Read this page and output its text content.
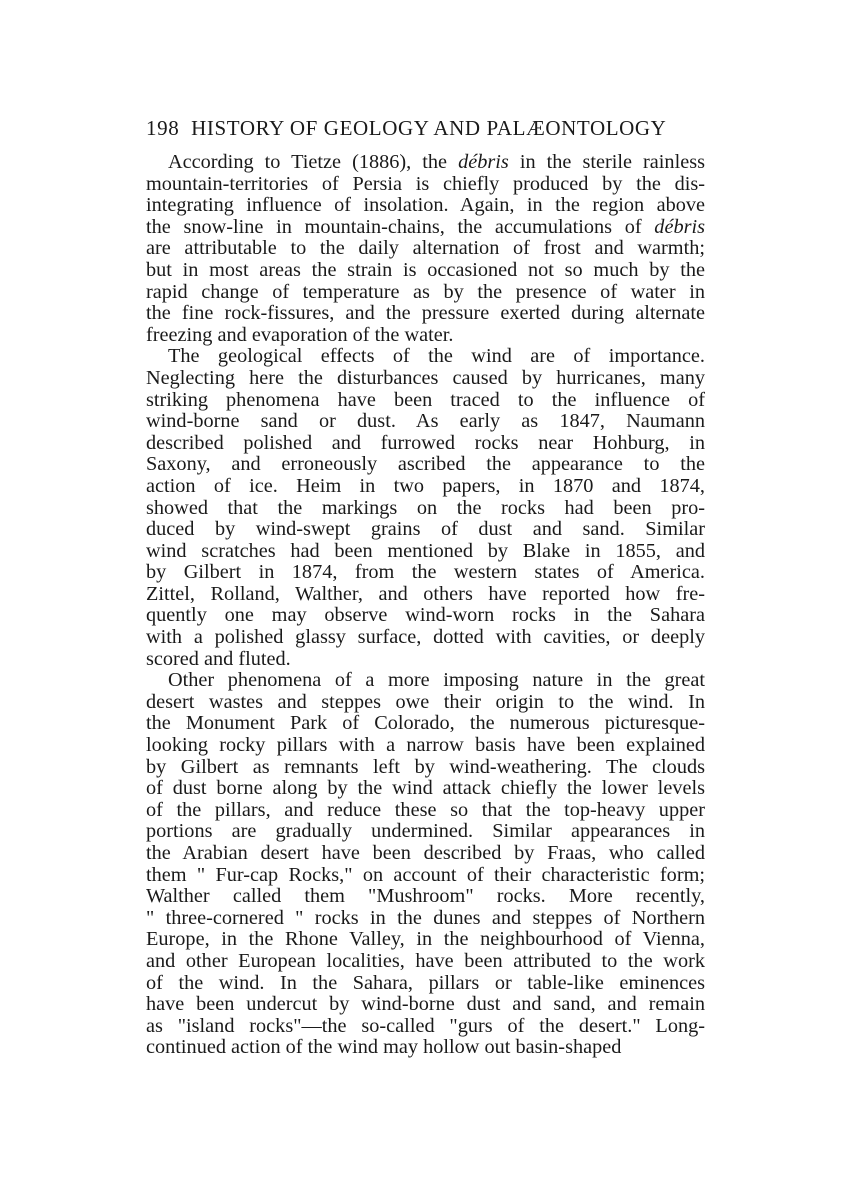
198 HISTORY OF GEOLOGY AND PALÆONTOLOGY
According to Tietze (1886), the débris in the sterile rainless
mountain-territories of Persia is chiefly produced by the dis-
integrating influence of insolation. Again, in the region above
the snow-line in mountain-chains, the accumulations of débris
are attributable to the daily alternation of frost and warmth;
but in most areas the strain is occasioned not so much by the
rapid change of temperature as by the presence of water in
the fine rock-fissures, and the pressure exerted during alternate
freezing and evaporation of the water.
The geological effects of the wind are of importance.
Neglecting here the disturbances caused by hurricanes, many
striking phenomena have been traced to the influence of
wind-borne sand or dust. As early as 1847, Naumann
described polished and furrowed rocks near Hohburg, in
Saxony, and erroneously ascribed the appearance to the
action of ice. Heim in two papers, in 1870 and 1874,
showed that the markings on the rocks had been pro-
duced by wind-swept grains of dust and sand. Similar
wind scratches had been mentioned by Blake in 1855, and
by Gilbert in 1874, from the western states of America.
Zittel, Rolland, Walther, and others have reported how fre-
quently one may observe wind-worn rocks in the Sahara
with a polished glassy surface, dotted with cavities, or deeply
scored and fluted.
Other phenomena of a more imposing nature in the great
desert wastes and steppes owe their origin to the wind. In
the Monument Park of Colorado, the numerous picturesque-
looking rocky pillars with a narrow basis have been explained
by Gilbert as remnants left by wind-weathering. The clouds
of dust borne along by the wind attack chiefly the lower levels
of the pillars, and reduce these so that the top-heavy upper
portions are gradually undermined. Similar appearances in
the Arabian desert have been described by Fraas, who called
them " Fur-cap Rocks," on account of their characteristic form;
Walther called them "Mushroom" rocks. More recently,
" three-cornered " rocks in the dunes and steppes of Northern
Europe, in the Rhone Valley, in the neighbourhood of Vienna,
and other European localities, have been attributed to the work
of the wind. In the Sahara, pillars or table-like eminences
have been undercut by wind-borne dust and sand, and remain
as "island rocks"—the so-called "gurs of the desert." Long-
continued action of the wind may hollow out basin-shaped
